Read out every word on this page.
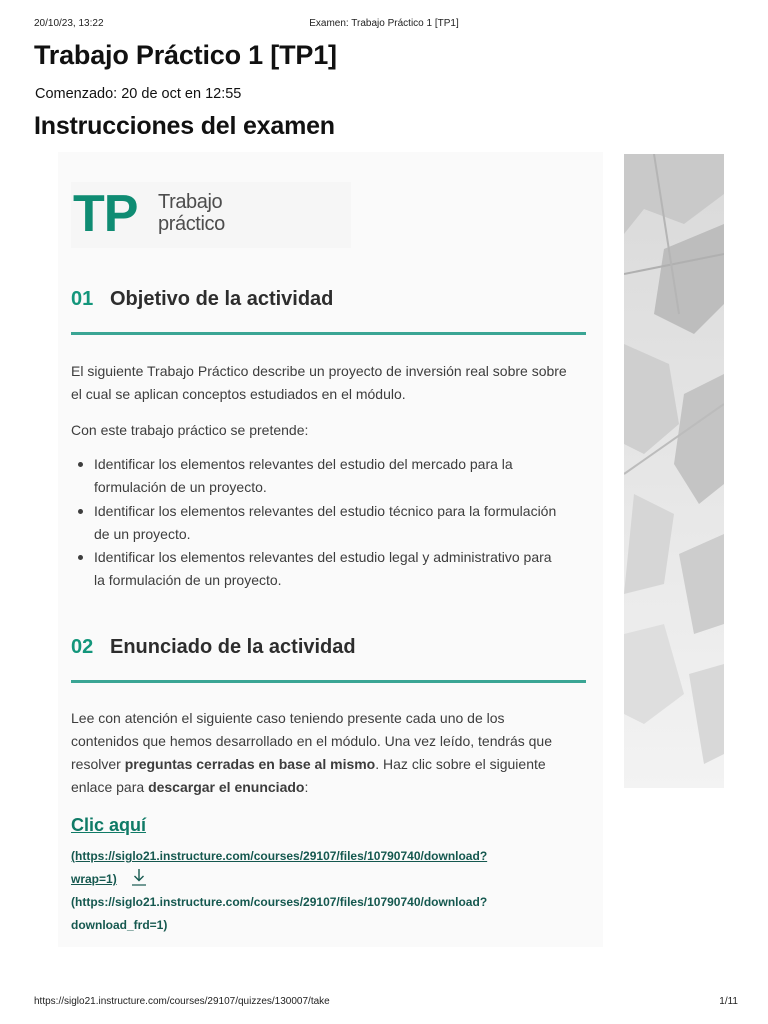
20/10/23, 13:22	Examen: Trabajo Práctico 1 [TP1]
Trabajo Práctico 1 [TP1]
Comenzado: 20 de oct en 12:55
Instrucciones del examen
TP Trabajo
práctico
01 Objetivo de la actividad

El siguiente Trabajo Práctico describe un proyecto de inversión real sobre sobre el cual se aplican conceptos estudiados en el módulo.

Con este trabajo práctico se pretende:

Identificar los elementos relevantes del estudio del mercado para la formulación de un proyecto.
Identificar los elementos relevantes del estudio técnico para la formulación de un proyecto.
Identificar los elementos relevantes del estudio legal y administrativo para la formulación de un proyecto.
02 Enunciado de la actividad

Lee con atención el siguiente caso teniendo presente cada uno de los contenidos que hemos desarrollado en el módulo. Una vez leído, tendrás que resolver preguntas cerradas en base al mismo. Haz clic sobre el siguiente enlace para descargar el enunciado:

Clic aquí
(https://siglo21.instructure.com/courses/29107/files/10790740/download?
wrap=1)
(https://siglo21.instructure.com/courses/29107/files/10790740/download?
download_frd=1)
https://siglo21.instructure.com/courses/29107/quizzes/130007/take	1/11
